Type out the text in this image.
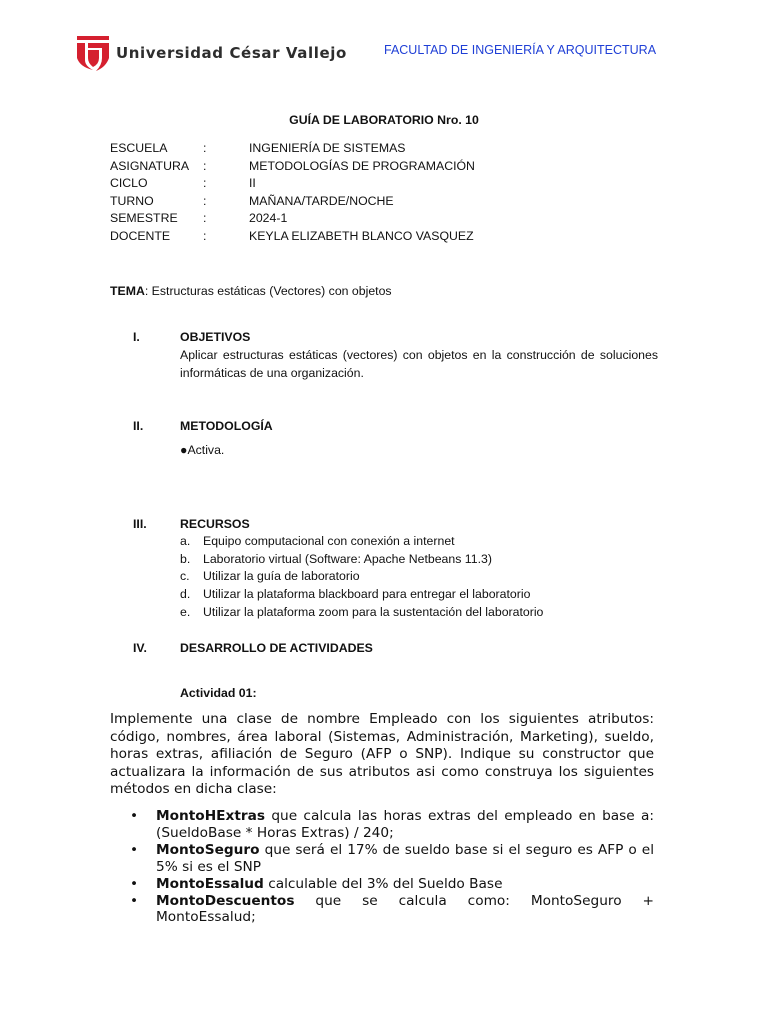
Universidad César Vallejo	FACULTAD DE INGENIERÍA Y ARQUITECTURA
GUÍA DE LABORATORIO Nro. 10
ESCUELA	:	INGENIERÍA DE SISTEMAS
ASIGNATURA :	METODOLOGÍAS DE PROGRAMACIÓN
CICLO	:	II
TURNO	:	MAÑANA/TARDE/NOCHE
SEMESTRE :	2024-1
DOCENTE	:	KEYLA ELIZABETH BLANCO VASQUEZ
TEMA: Estructuras estáticas (Vectores) con objetos
I.	OBJETIVOS
Aplicar estructuras estáticas (vectores) con objetos en la construcción de soluciones informáticas de una organización.
II.	METODOLOGÍA
●Activa.
III.	RECURSOS
a. Equipo computacional con conexión a internet
b. Laboratorio virtual (Software: Apache Netbeans 11.3)
c. Utilizar la guía de laboratorio
d. Utilizar la plataforma blackboard para entregar el laboratorio
e. Utilizar la plataforma zoom para la sustentación del laboratorio
IV.	DESARROLLO DE ACTIVIDADES
Actividad 01:
Implemente una clase de nombre Empleado con los siguientes atributos: código, nombres, área laboral (Sistemas, Administración, Marketing), sueldo, horas extras, afiliación de Seguro (AFP o SNP). Indique su constructor que actualizara la información de sus atributos asi como construya los siguientes métodos en dicha clase:
• MontoHExtras que calcula las horas extras del empleado en base a: (SueldoBase * Horas Extras) / 240;
• MontoSeguro que será el 17% de sueldo base si el seguro es AFP o el 5% si es el SNP
• MontoEssalud calculable del 3% del Sueldo Base
• MontoDescuentos que se calcula como: MontoSeguro + MontoEssalud;
